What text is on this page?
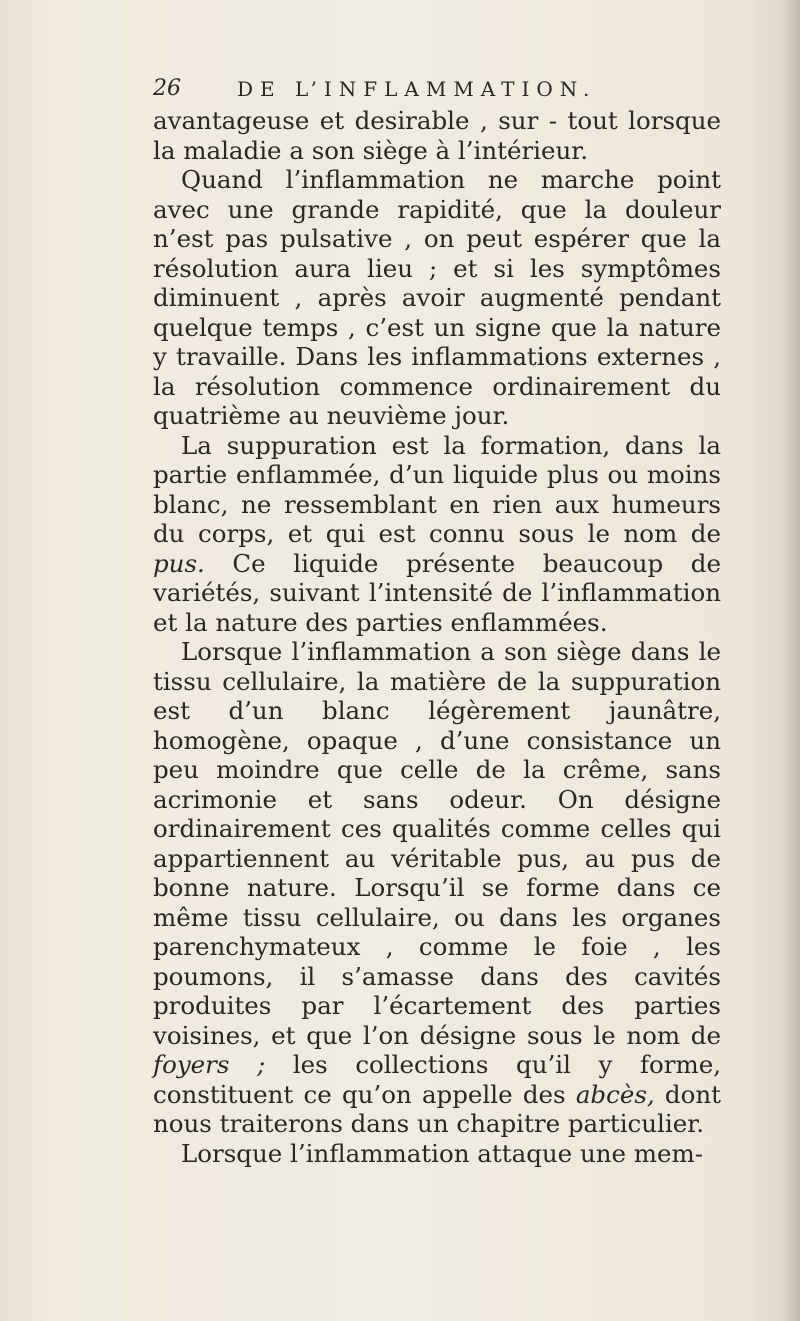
26	DE L’INFLAMMATION.

avantageuse et desirable , sur - tout lorsque la maladie a son siège à l’intérieur.

Quand l’inflammation ne marche point avec une grande rapidité, que la douleur n’est pas pulsative , on peut espérer que la résolution aura lieu ; et si les symptômes diminuent , après avoir augmenté pendant quelque temps , c’est un signe que la nature y travaille. Dans les inflammations externes , la résolution commence ordinairement du quatrième au neuvième jour.

La suppuration est la formation, dans la partie enflammée, d’un liquide plus ou moins blanc, ne ressemblant en rien aux humeurs du corps, et qui est connu sous le nom de pus. Ce liquide présente beaucoup de variétés, suivant l’intensité de l’inflammation et la nature des parties enflammées.

Lorsque l’inflammation a son siège dans le tissu cellulaire, la matière de la suppuration est d’un blanc légèrement jaunâtre, homogène, opaque , d’une consistance un peu moindre que celle de la crême, sans acrimonie et sans odeur. On désigne ordinairement ces qualités comme celles qui appartiennent au véritable pus, au pus de bonne nature. Lorsqu’il se forme dans ce même tissu cellulaire, ou dans les organes parenchymateux , comme le foie , les poumons, il s’amasse dans des cavités produites par l’écartement des parties voisines, et que l’on désigne sous le nom de foyers ; les collections qu’il y forme, constituent ce qu’on appelle des abcès, dont nous traiterons dans un chapitre particulier.

Lorsque l’inflammation attaque une mem-
